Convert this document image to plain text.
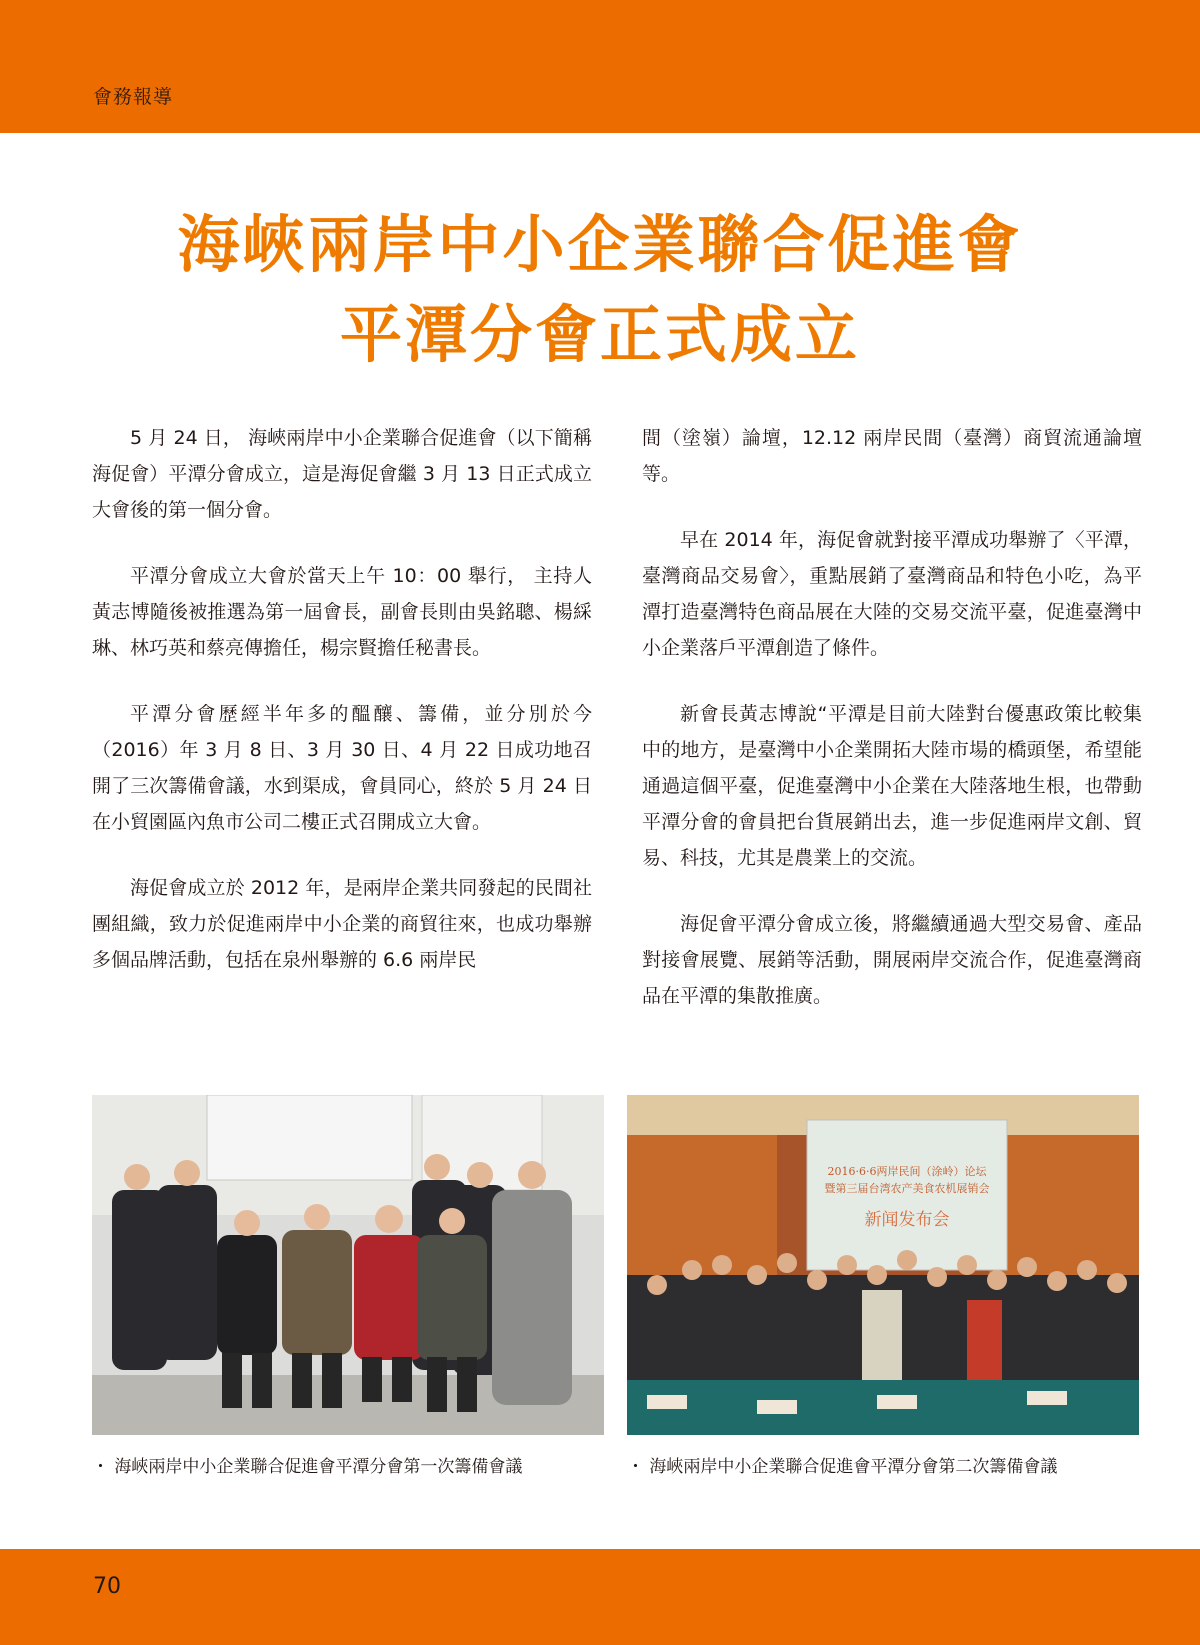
會務報導
海峽兩岸中小企業聯合促進會
平潭分會正式成立

5 月 24 日， 海峽兩岸中小企業聯合促進會（以下簡稱海促會）平潭分會成立，這是海促會繼 3 月 13 日正式成立大會後的第一個分會。

平潭分會成立大會於當天上午 10：00 舉行， 主持人黃志博隨後被推選為第一屆會長，副會長則由吳銘聰、楊綵琳、林巧英和蔡亮傳擔任，楊宗賢擔任秘書長。

平潭分會歷經半年多的醞釀、籌備，並分別於今（2016）年 3 月 8 日、3 月 30 日、4 月 22 日成功地召開了三次籌備會議，水到渠成，會員同心，終於 5 月 24 日在小貿園區內魚市公司二樓正式召開成立大會。

海促會成立於 2012 年，是兩岸企業共同發起的民間社團組織，致力於促進兩岸中小企業的商貿往來，也成功舉辦多個品牌活動，包括在泉州舉辦的 6.6 兩岸民

間（塗嶺）論壇，12.12 兩岸民間（臺灣）商貿流通論壇等。

早在 2014 年，海促會就對接平潭成功舉辦了〈平潭，臺灣商品交易會〉，重點展銷了臺灣商品和特色小吃，為平潭打造臺灣特色商品展在大陸的交易交流平臺，促進臺灣中小企業落戶平潭創造了條件。

新會長黃志博說“平潭是目前大陸對台優惠政策比較集中的地方，是臺灣中小企業開拓大陸市場的橋頭堡，希望能通過這個平臺，促進臺灣中小企業在大陸落地生根，也帶動平潭分會的會員把台貨展銷出去，進一步促進兩岸文創、貿易、科技，尤其是農業上的交流。

海促會平潭分會成立後，將繼續通過大型交易會、產品對接會展覽、展銷等活動，開展兩岸交流合作，促進臺灣商品在平潭的集散推廣。

2016·6·6两岸民间（涂岭）论坛
暨第三届台湾农产美食农机展销会
新闻发布会
・ 海峽兩岸中小企業聯合促進會平潭分會第一次籌備會議	・ 海峽兩岸中小企業聯合促進會平潭分會第二次籌備會議
70
